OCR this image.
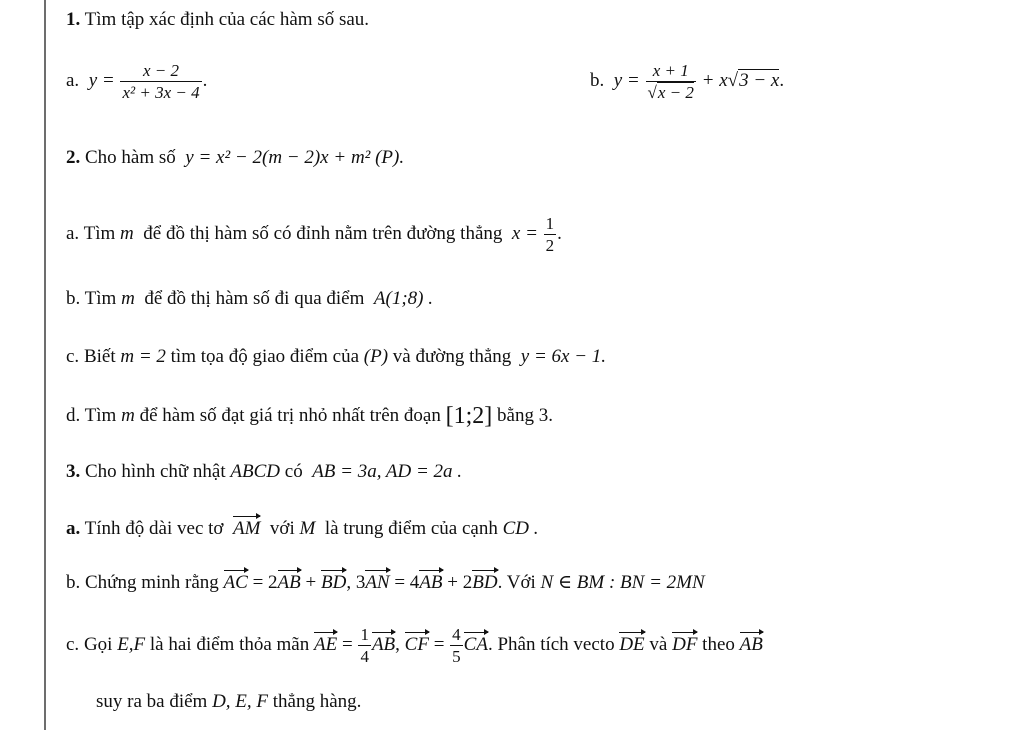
1. Tìm tập xác định của các hàm số sau.
a. $y = \frac{x - 2}{\text{x² + 3x − 4}}$ .	b. $y = \frac{x + 1}{√x - 2} + x√3 - x$.
2. Cho hàm số y = x² − 2(m − 2)x + m² (P).
a. Tìm m để đồ thị hàm số có đỉnh nằm trên đường thẳng $x = \frac{1}{2}$ .
b. Tìm m để đồ thị hàm số đi qua điểm A(1;8) .
c. Biết m = 2 tìm tọa độ giao điểm của (P) và đường thẳng y = 6x − 1.
d. Tìm m để hàm số đạt giá trị nhỏ nhất trên đoạn [1;2] bằng 3.
3. Cho hình chữ nhật ABCD có AB = 3a, AD = 2a .
a. Tính độ dài vec tơ AM với M là trung điểm của cạnh CD .
b. Chứng minh rằng AC = 2AB + BD, 3AN = 4AB + 2BD. Với N ∈ BM : BN = 2MN
c. Gọi E,F là hai điểm thỏa mãn AE = $\frac{1}{4}$ AB, CF = $\frac{4}{5}$ CA. Phân tích vecto DE và DF theo AB
suy ra ba điểm D, E, F thẳng hàng.
